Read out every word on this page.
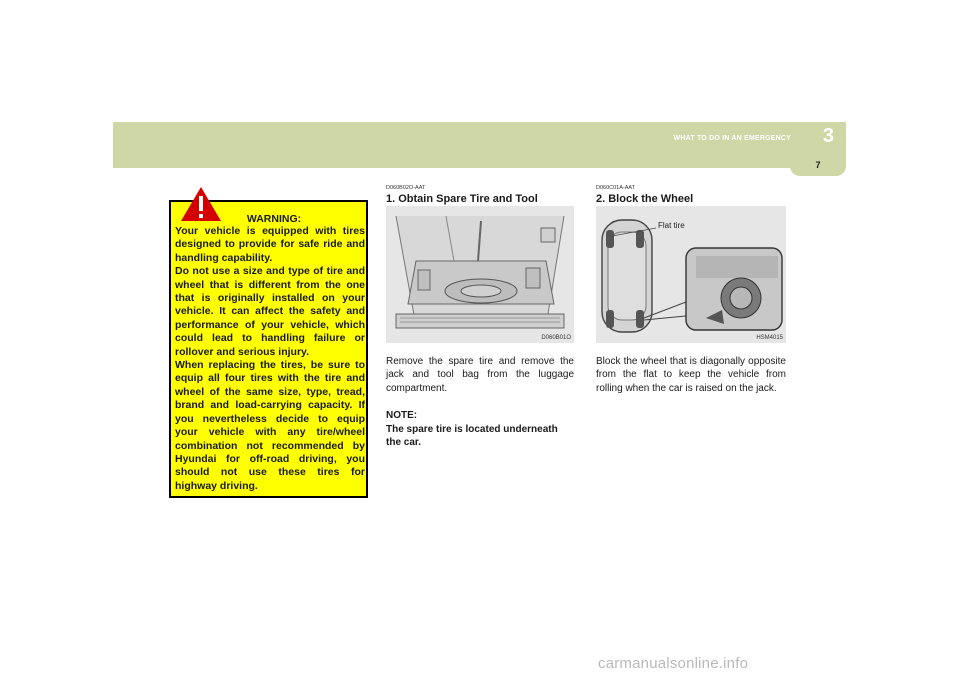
WHAT TO DO IN AN EMERGENCY 3
7
WARNING:
Your vehicle is equipped with tires designed to provide for safe ride and handling capability.
Do not use a size and type of tire and wheel that is different from the one that is originally installed on your vehicle. It can affect the safety and performance of your vehicle, which could lead to handling failure or rollover and serious injury.
When replacing the tires, be sure to equip all four tires with the tire and wheel of the same size, type, tread, brand and load-carrying capacity. If you nevertheless decide to equip your vehicle with any tire/wheel combination not recommended by Hyundai for off-road driving, you should not use these tires for highway driving.
D060B02O-AAT
1. Obtain Spare Tire and Tool
D060B01O
Remove the spare tire and remove the jack and tool bag from the luggage compartment.
NOTE:
The spare tire is located underneath the car.
D060C01A-AAT
2. Block the Wheel
Flat tire
HSM4015
Block the wheel that is diagonally opposite from the flat to keep the vehicle from rolling when the car is raised on the jack.
carmanualsonline.info
